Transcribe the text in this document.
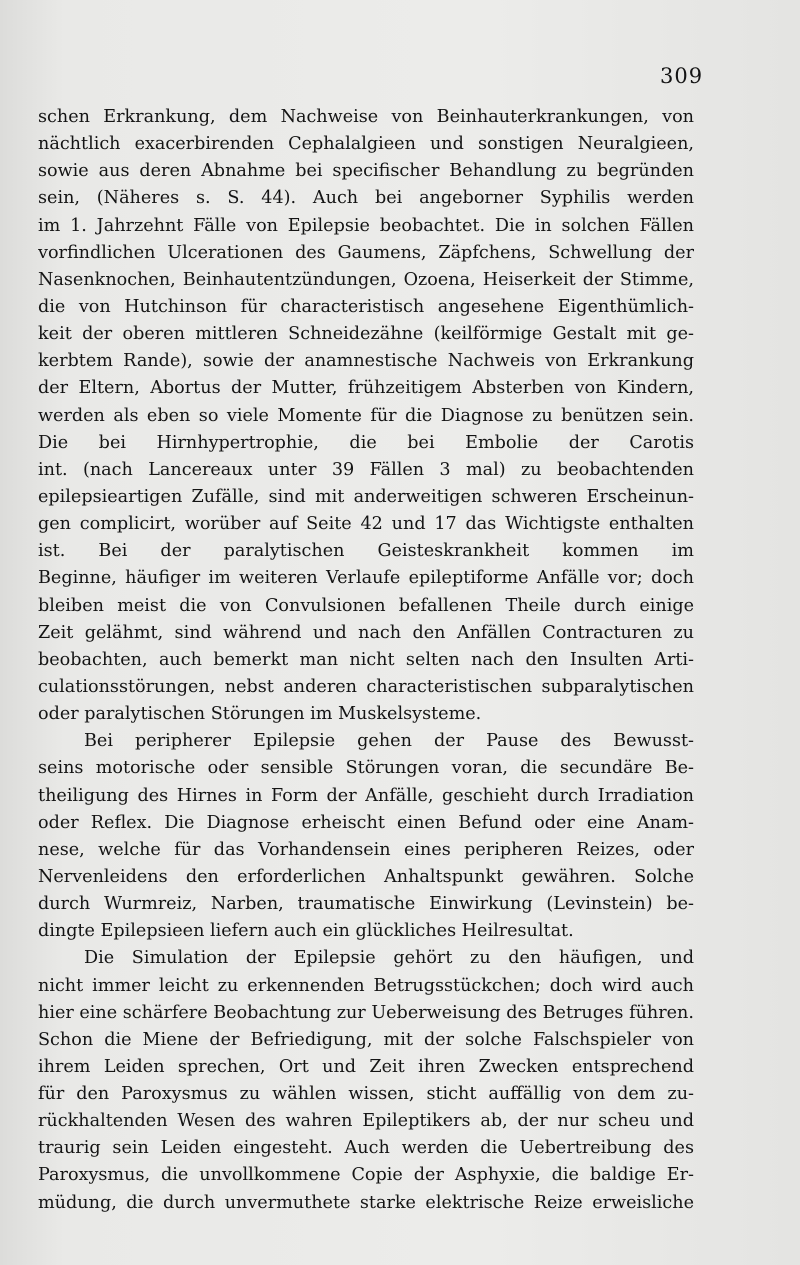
309
schen Erkrankung, dem Nachweise von Beinhauterkrankungen, von
nächtlich exacerbirenden Cephalalgieen und sonstigen Neuralgieen,
sowie aus deren Abnahme bei specifischer Behandlung zu begründen
sein, (Näheres s. S. 44). Auch bei angeborner Syphilis werden
im 1. Jahrzehnt Fälle von Epilepsie beobachtet. Die in solchen Fällen
vorfindlichen Ulcerationen des Gaumens, Zäpfchens, Schwellung der
Nasenknochen, Beinhautentzündungen, Ozoena, Heiserkeit der Stimme,
die von Hutchinson für characteristisch angesehene Eigenthümlich-
keit der oberen mittleren Schneidezähne (keilförmige Gestalt mit ge-
kerbtem Rande), sowie der anamnestische Nachweis von Erkrankung
der Eltern, Abortus der Mutter, frühzeitigem Absterben von Kindern,
werden als eben so viele Momente für die Diagnose zu benützen sein.
Die bei Hirnhypertrophie, die bei Embolie der Carotis
int. (nach Lancereaux unter 39 Fällen 3 mal) zu beobachtenden
epilepsieartigen Zufälle, sind mit anderweitigen schweren Erscheinun-
gen complicirt, worüber auf Seite 42 und 17 das Wichtigste enthalten
ist. Bei der paralytischen Geisteskrankheit kommen im
Beginne, häufiger im weiteren Verlaufe epileptiforme Anfälle vor; doch
bleiben meist die von Convulsionen befallenen Theile durch einige
Zeit gelähmt, sind während und nach den Anfällen Contracturen zu
beobachten, auch bemerkt man nicht selten nach den Insulten Arti-
culationsstörungen, nebst anderen characteristischen subparalytischen
oder paralytischen Störungen im Muskelsysteme.
Bei peripherer Epilepsie gehen der Pause des Bewusst-
seins motorische oder sensible Störungen voran, die secundäre Be-
theiligung des Hirnes in Form der Anfälle, geschieht durch Irradiation
oder Reflex. Die Diagnose erheischt einen Befund oder eine Anam-
nese, welche für das Vorhandensein eines peripheren Reizes, oder
Nervenleidens den erforderlichen Anhaltspunkt gewähren. Solche
durch Wurmreiz, Narben, traumatische Einwirkung (Levinstein) be-
dingte Epilepsieen liefern auch ein glückliches Heilresultat.
Die Simulation der Epilepsie gehört zu den häufigen, und
nicht immer leicht zu erkennenden Betrugsstückchen; doch wird auch
hier eine schärfere Beobachtung zur Ueberweisung des Betruges führen.
Schon die Miene der Befriedigung, mit der solche Falschspieler von
ihrem Leiden sprechen, Ort und Zeit ihren Zwecken entsprechend
für den Paroxysmus zu wählen wissen, sticht auffällig von dem zu-
rückhaltenden Wesen des wahren Epileptikers ab, der nur scheu und
traurig sein Leiden eingesteht. Auch werden die Uebertreibung des
Paroxysmus, die unvollkommene Copie der Asphyxie, die baldige Er-
müdung, die durch unvermuthete starke elektrische Reize erweisliche
